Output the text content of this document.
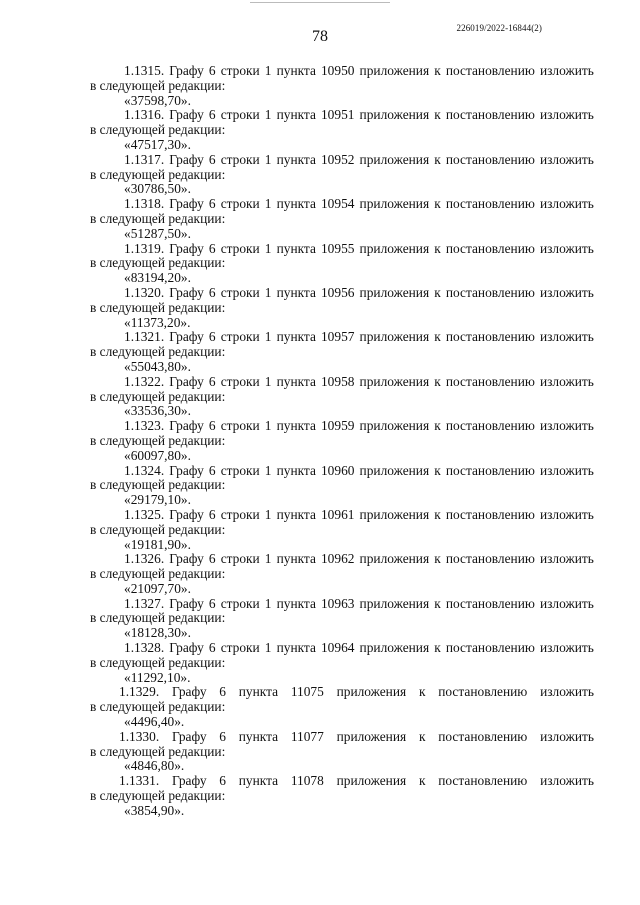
78	226019/2022-16844(2)
1.1315. Графу 6 строки 1 пункта 10950 приложения к постановлению изложить
в следующей редакции:
«37598,70».
1.1316. Графу 6 строки 1 пункта 10951 приложения к постановлению изложить
в следующей редакции:
«47517,30».
1.1317. Графу 6 строки 1 пункта 10952 приложения к постановлению изложить
в следующей редакции:
«30786,50».
1.1318. Графу 6 строки 1 пункта 10954 приложения к постановлению изложить
в следующей редакции:
«51287,50».
1.1319. Графу 6 строки 1 пункта 10955 приложения к постановлению изложить
в следующей редакции:
«83194,20».
1.1320. Графу 6 строки 1 пункта 10956 приложения к постановлению изложить
в следующей редакции:
«11373,20».
1.1321. Графу 6 строки 1 пункта 10957 приложения к постановлению изложить
в следующей редакции:
«55043,80».
1.1322. Графу 6 строки 1 пункта 10958 приложения к постановлению изложить
в следующей редакции:
«33536,30».
1.1323. Графу 6 строки 1 пункта 10959 приложения к постановлению изложить
в следующей редакции:
«60097,80».
1.1324. Графу 6 строки 1 пункта 10960 приложения к постановлению изложить
в следующей редакции:
«29179,10».
1.1325. Графу 6 строки 1 пункта 10961 приложения к постановлению изложить
в следующей редакции:
«19181,90».
1.1326. Графу 6 строки 1 пункта 10962 приложения к постановлению изложить
в следующей редакции:
«21097,70».
1.1327. Графу 6 строки 1 пункта 10963 приложения к постановлению изложить
в следующей редакции:
«18128,30».
1.1328. Графу 6 строки 1 пункта 10964 приложения к постановлению изложить
в следующей редакции:
«11292,10».
1.1329. Графу 6 пункта 11075 приложения к постановлению изложить
в следующей редакции:
«4496,40».
1.1330. Графу 6 пункта 11077 приложения к постановлению изложить
в следующей редакции:
«4846,80».
1.1331. Графу 6 пункта 11078 приложения к постановлению изложить
в следующей редакции:
«3854,90».
